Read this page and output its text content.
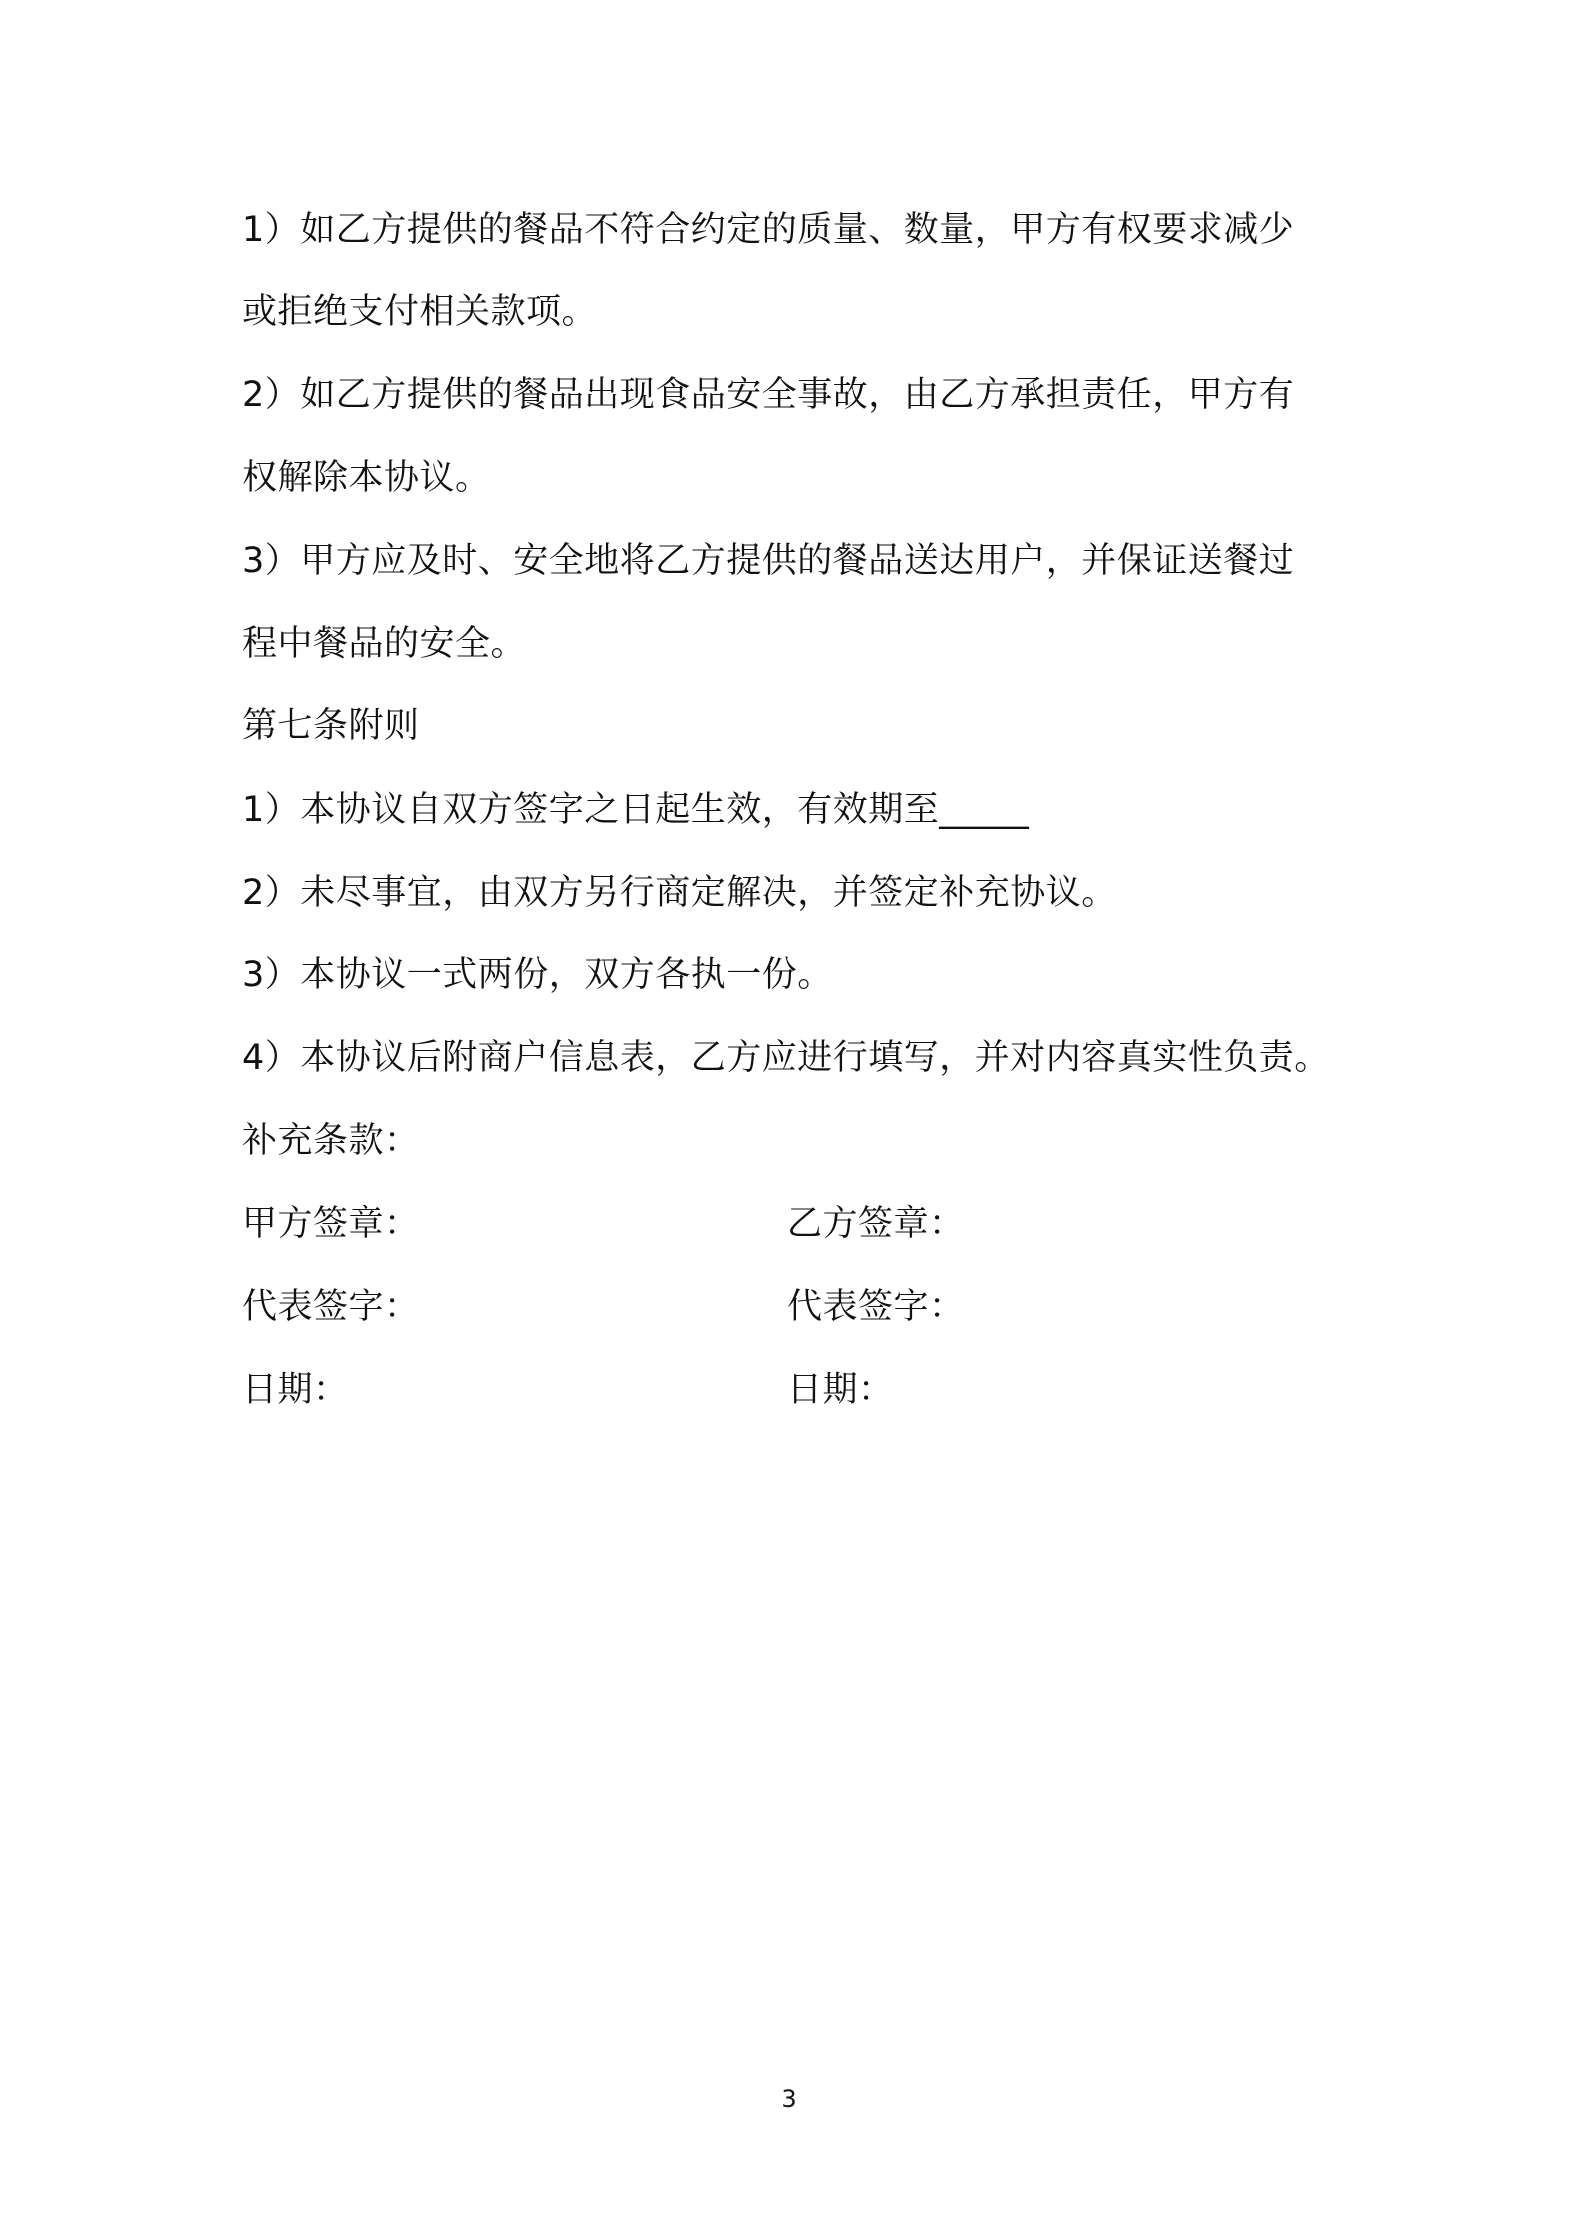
1）如乙方提供的餐品不符合约定的质量、数量，甲方有权要求减少
或拒绝支付相关款项。
2）如乙方提供的餐品出现食品安全事故，由乙方承担责任，甲方有
权解除本协议。
3）甲方应及时、安全地将乙方提供的餐品送达用户，并保证送餐过
程中餐品的安全。
第七条附则
1）本协议自双方签字之日起生效，有效期至_____
2）未尽事宜，由双方另行商定解决，并签定补充协议。
3）本协议一式两份，双方各执一份。
4）本协议后附商户信息表，乙方应进行填写，并对内容真实性负责。
补充条款：
甲方签章：	乙方签章：
代表签字：	代表签字：
日期：	日期：
3
